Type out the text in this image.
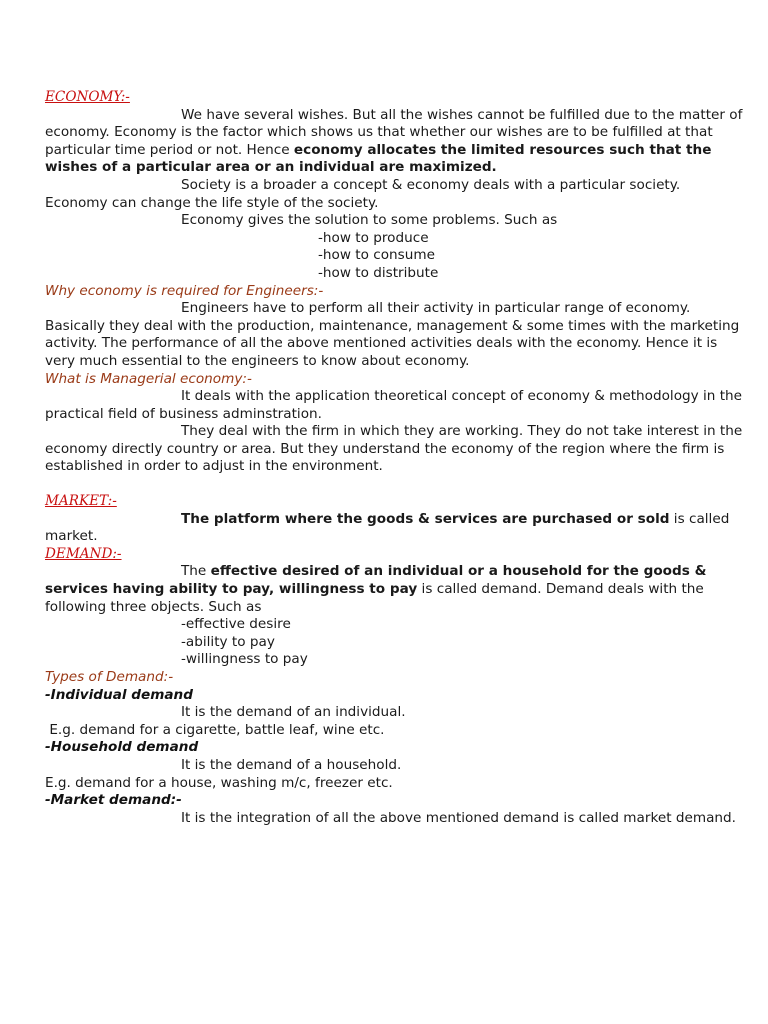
ECONOMY:-

We have several wishes. But all the wishes cannot be fulfilled due to the matter of economy. Economy is the factor which shows us that whether our wishes are to be fulfilled at that particular time period or not. Hence economy allocates the limited resources such that the wishes of a particular area or an individual are maximized.

Society is a broader a concept & economy deals with a particular society. Economy can change the life style of the society.

Economy gives the solution to some problems. Such as

-how to produce
-how to consume
-how to distribute
Why economy is required for Engineers:-

Engineers have to perform all their activity in particular range of economy. Basically they deal with the production, maintenance, management & some times with the marketing activity. The performance of all the above mentioned activities deals with the economy. Hence it is very much essential to the engineers to know about economy.

What is Managerial economy:-

It deals with the application theoretical concept of economy & methodology in the practical field of business adminstration.

They deal with the firm in which they are working. They do not take interest in the economy directly country or area. But they understand the economy of the region where the firm is established in order to adjust in the environment.

MARKET:-

The platform where the goods & services are purchased or sold is called market.

DEMAND:-

The effective desired of an individual or a household for the goods & services having ability to pay, willingness to pay is called demand. Demand deals with the following three objects. Such as

-effective desire
-ability to pay
-willingness to pay
Types of Demand:-
-Individual demand

It is the demand of an individual.

E.g. demand for a cigarette, battle leaf, wine etc.

-Household demand

It is the demand of a household.

E.g. demand for a house, washing m/c, freezer etc.

-Market demand:-

It is the integration of all the above mentioned demand is called market demand.
